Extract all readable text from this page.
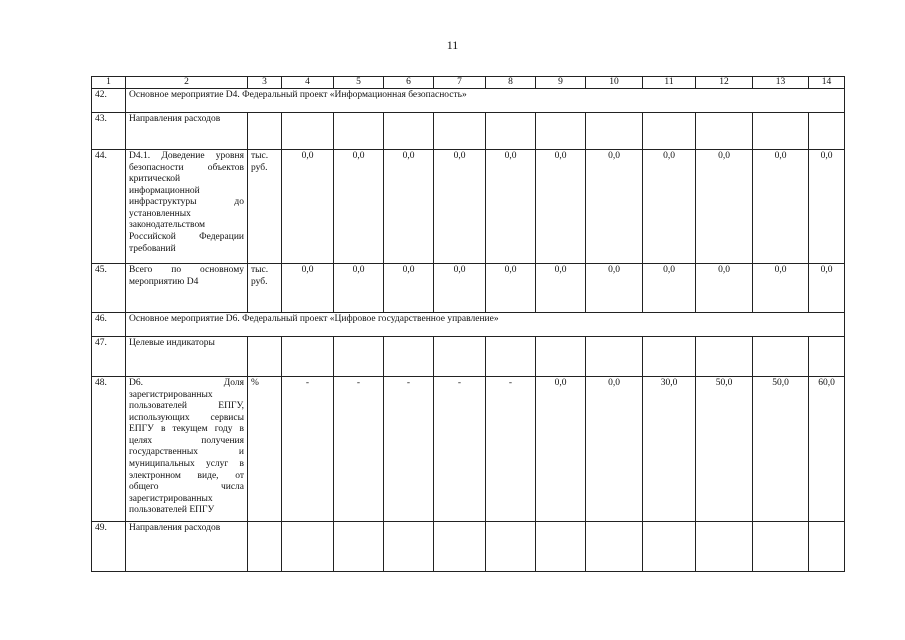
11
1	2	3	4	5	6	7	8	9	10	11	12	13	14
42.	Основное мероприятие D4. Федеральный проект «Информационная безопасность»												
43.	Направления расходов												
44.	D4.1. Доведение уровня безопасности объектов критической информационной инфраструктуры до установленных законодательством Российской Федерации требований	тыс. руб.	0,0	0,0	0,0	0,0	0,0	0,0	0,0	0,0	0,0	0,0	0,0
45.	Всего по основному мероприятию D4	тыс. руб.	0,0	0,0	0,0	0,0	0,0	0,0	0,0	0,0	0,0	0,0	0,0
46.	Основное мероприятие D6. Федеральный проект «Цифровое государственное управление»												
47.	Целевые индикаторы												
48.	D6. Доля зарегистрированных пользователей ЕПГУ, использующих сервисы ЕПГУ в текущем году в целях получения государственных и муниципальных услуг в электронном виде, от общего числа зарегистрированных пользователей ЕПГУ	%	-	-	-	-	-	0,0	0,0	30,0	50,0	50,0	60,0
49.	Направления расходов												
